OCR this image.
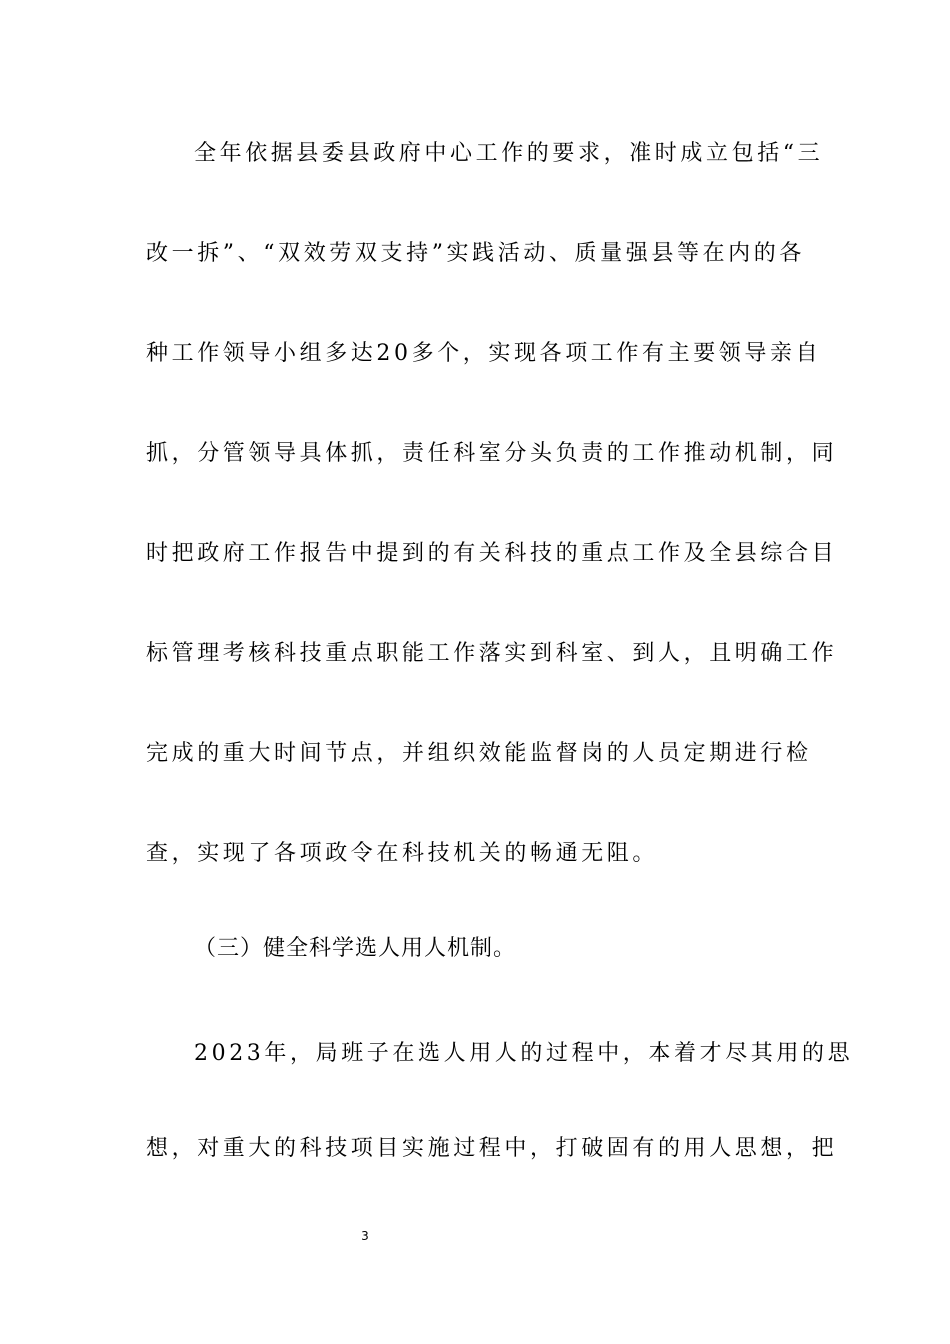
全年依据县委县政府中心工作的要求，准时成立包括“三
改一拆”、“双效劳双支持”实践活动、质量强县等在内的各
种工作领导小组多达20多个，实现各项工作有主要领导亲自
抓，分管领导具体抓，责任科室分头负责的工作推动机制，同
时把政府工作报告中提到的有关科技的重点工作及全县综合目
标管理考核科技重点职能工作落实到科室、到人，且明确工作
完成的重大时间节点，并组织效能监督岗的人员定期进行检
查，实现了各项政令在科技机关的畅通无阻。
（三）健全科学选人用人机制。
2023年，局班子在选人用人的过程中，本着才尽其用的思
想，对重大的科技项目实施过程中，打破固有的用人思想，把
3
